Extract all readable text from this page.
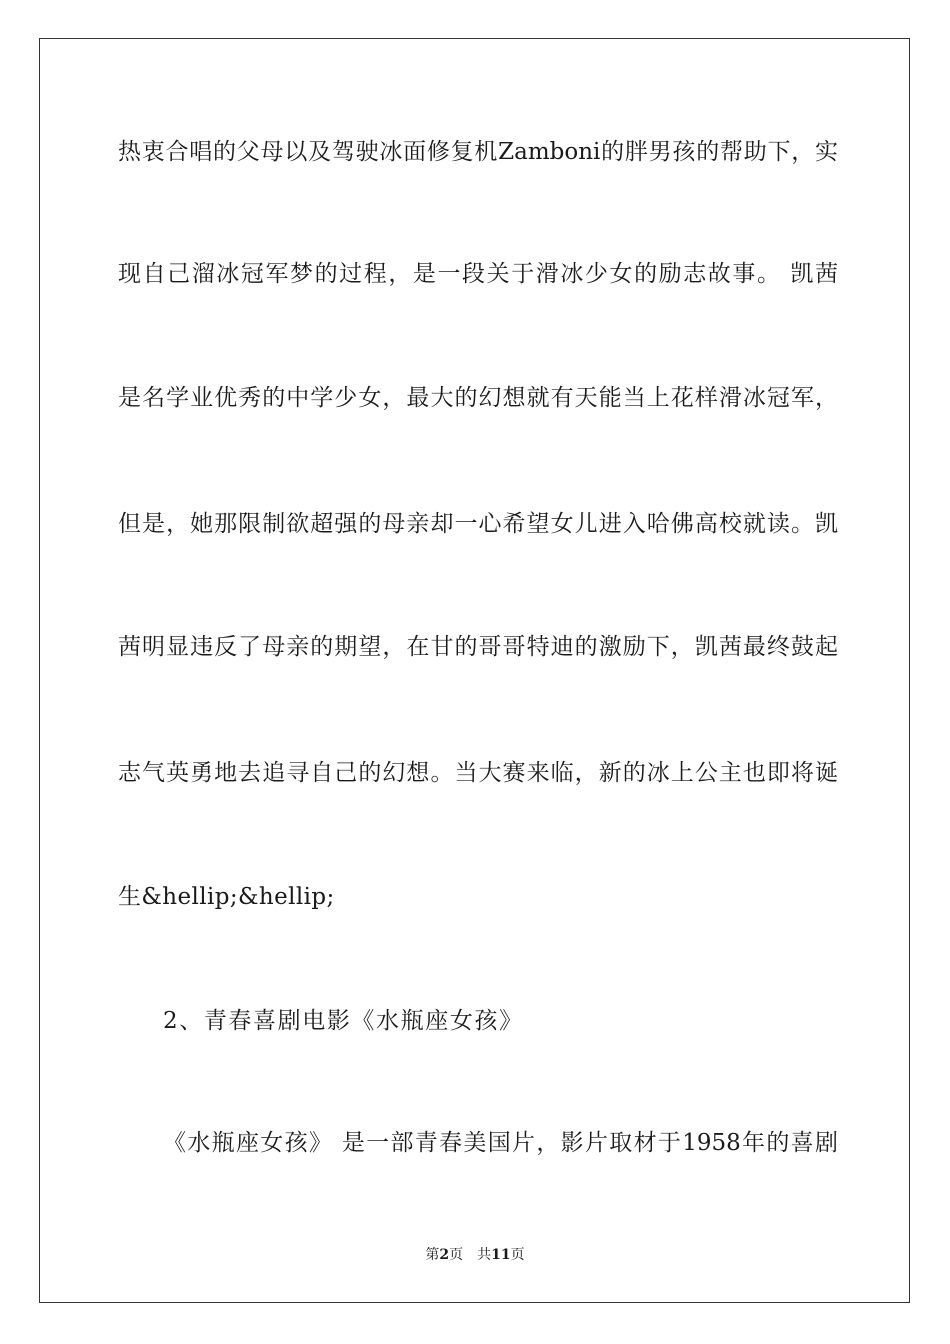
热衷合唱的父母以及驾驶冰面修复机Zamboni的胖男孩的帮助下，实
现自己溜冰冠军梦的过程，是一段关于滑冰少女的励志故事。 凯茜
是名学业优秀的中学少女，最大的幻想就有天能当上花样滑冰冠军，
但是，她那限制欲超强的母亲却一心希望女儿进入哈佛高校就读。凯
茜明显违反了母亲的期望，在甘的哥哥特迪的激励下，凯茜最终鼓起
志气英勇地去追寻自己的幻想。当大赛来临，新的冰上公主也即将诞
生&hellip;&hellip;
2、青春喜剧电影《水瓶座女孩》
《水瓶座女孩》 是一部青春美国片，影片取材于1958年的喜剧
第2页 共11页
